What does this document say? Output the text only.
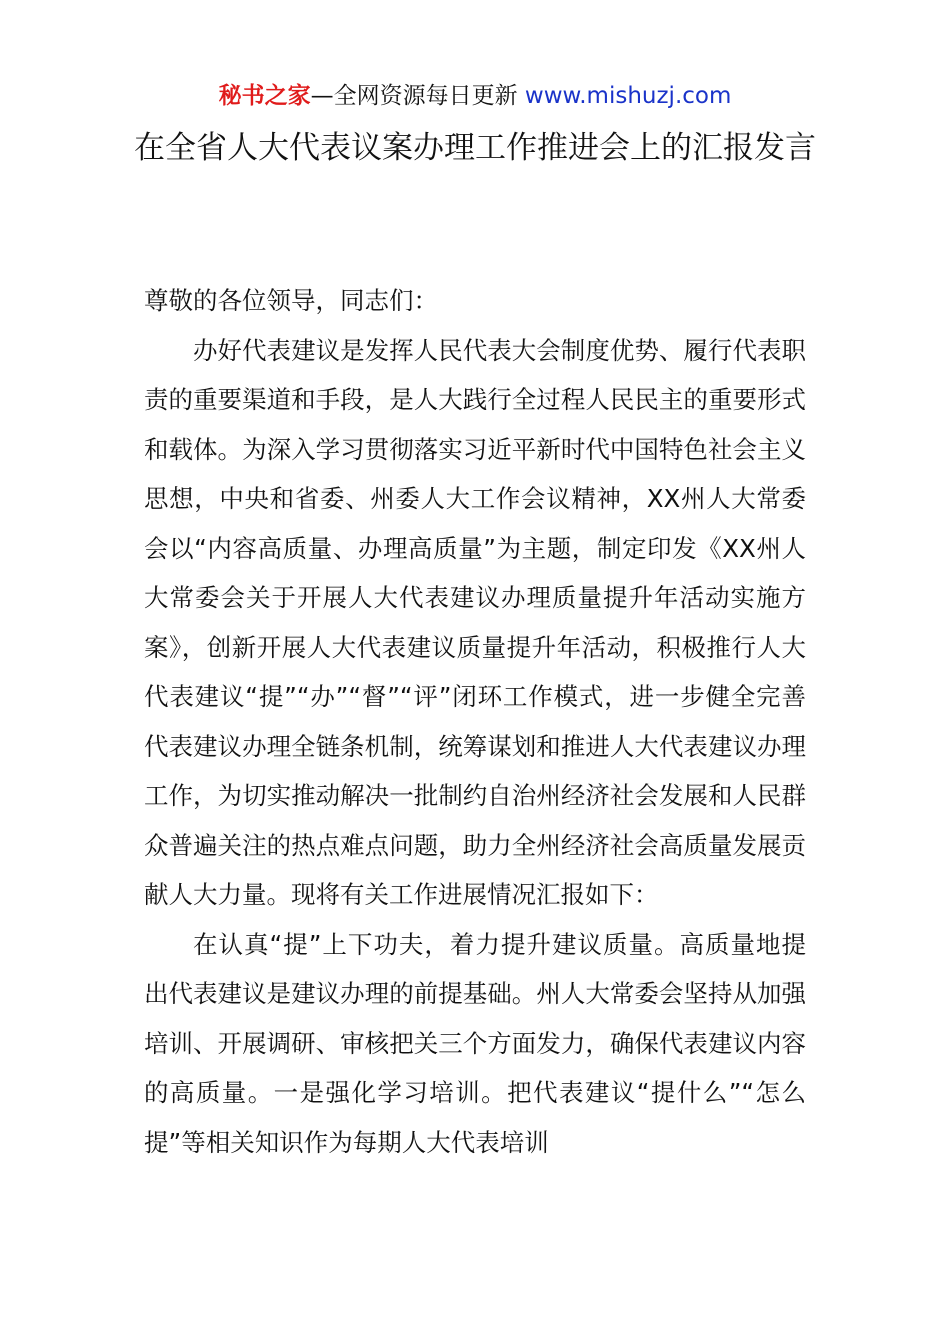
秘书之家—全网资源每日更新 www.mishuzj.com
在全省人大代表议案办理工作推进会上的汇报发言

尊敬的各位领导，同志们：

办好代表建议是发挥人民代表大会制度优势、履行代表职责的重要渠道和手段，是人大践行全过程人民民主的重要形式和载体。为深入学习贯彻落实习近平新时代中国特色社会主义思想，中央和省委、州委人大工作会议精神，XX州人大常委会以“内容高质量、办理高质量”为主题，制定印发《XX州人大常委会关于开展人大代表建议办理质量提升年活动实施方案》，创新开展人大代表建议质量提升年活动，积极推行人大代表建议“提”“办”“督”“评”闭环工作模式，进一步健全完善代表建议办理全链条机制，统筹谋划和推进人大代表建议办理工作，为切实推动解决一批制约自治州经济社会发展和人民群众普遍关注的热点难点问题，助力全州经济社会高质量发展贡献人大力量。现将有关工作进展情况汇报如下：

在认真“提”上下功夫，着力提升建议质量。高质量地提出代表建议是建议办理的前提基础。州人大常委会坚持从加强培训、开展调研、审核把关三个方面发力，确保代表建议内容的高质量。一是强化学习培训。把代表建议“提什么”“怎么提”等相关知识作为每期人大代表培训
